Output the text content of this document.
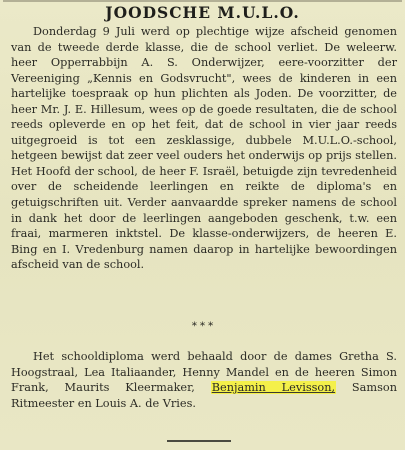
JOODSCHE M.U.L.O.
Donderdag 9 Juli werd op plechtige wijze afscheid genomen van de tweede derde klasse, die de school verliet. De weleerw. heer Opperrabbijn A. S. Onderwijzer, eere-voorzitter der Vereeniging „Kennis en Godsvrucht", wees de kinderen in een hartelijke toespraak op hun plichten als Joden. De voorzitter, de heer Mr. J. E. Hillesum, wees op de goede resultaten, die de school reeds opleverde en op het feit, dat de school in vier jaar reeds uitgegroeid is tot een zesklassige, dubbele M.U.L.O.-school, hetgeen bewijst dat zeer veel ouders het onderwijs op prijs stellen. Het Hoofd der school, de heer F. Israël, betuigde zijn tevredenheid over de scheidende leerlingen en reikte de diploma's en getuigschriften uit. Verder aanvaardde spreker namens de school in dank het door de leerlingen aangeboden geschenk, t.w. een fraai, marmeren inktstel. De klasse-onderwijzers, de heeren E. Bing en I. Vredenburg namen daarop in hartelijke bewoordingen afscheid van de school.
* * *
Het schooldiploma werd behaald door de dames Gretha S. Hoogstraal, Lea Italiaander, Henny Mandel en de heeren Simon Frank, Maurits Kleermaker, Benjamin Levisson, Samson Ritmeester en Louis A. de Vries.
